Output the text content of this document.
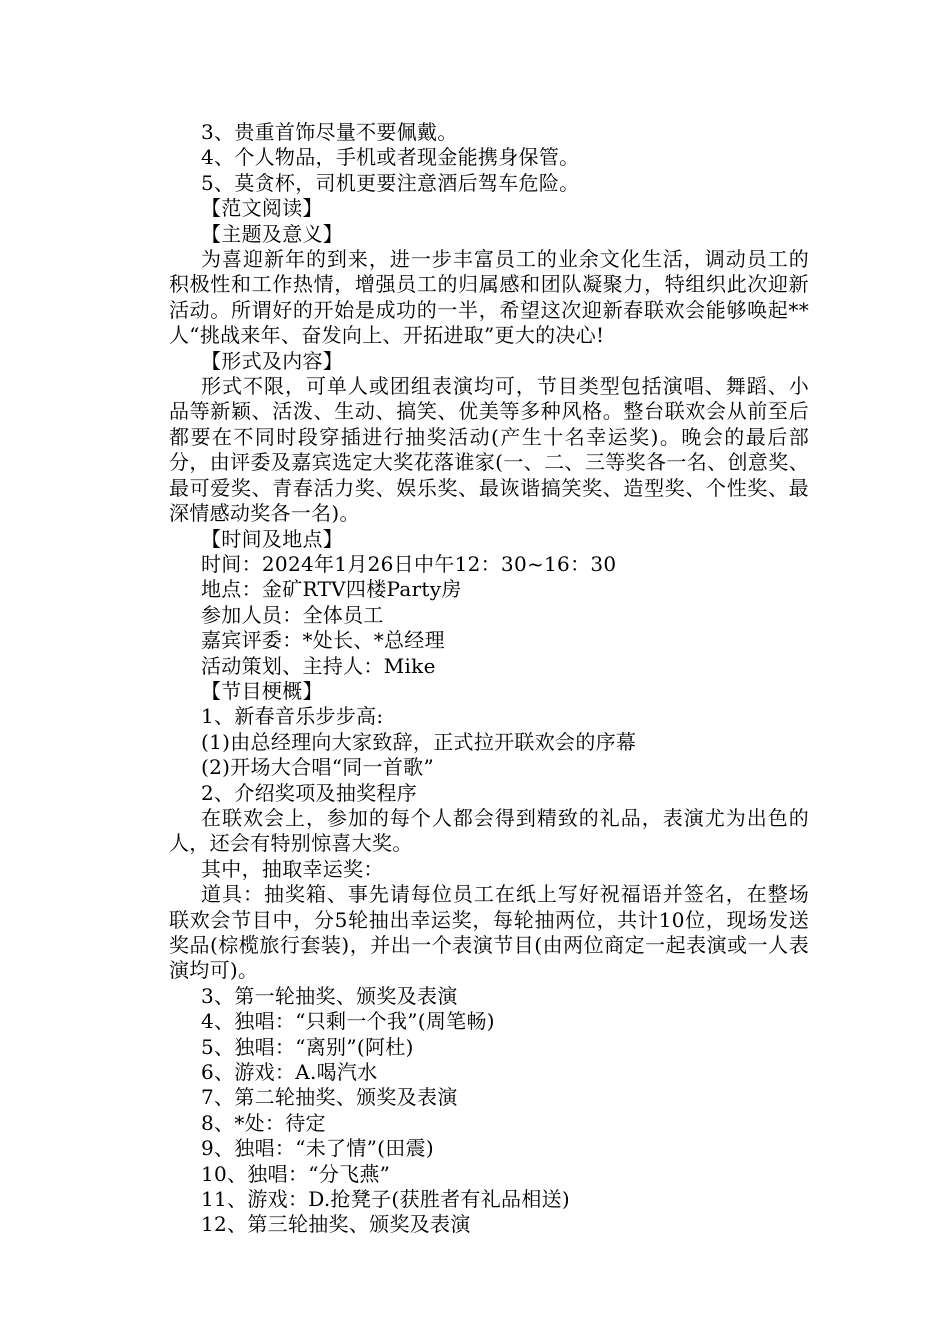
3、贵重首饰尽量不要佩戴。
4、个人物品，手机或者现金能携身保管。
5、莫贪杯，司机更要注意酒后驾车危险。
【范文阅读】
【主题及意义】
为喜迎新年的到来，进一步丰富员工的业余文化生活，调动员工的积极性和工作热情，增强员工的归属感和团队凝聚力，特组织此次迎新活动。所谓好的开始是成功的一半，希望这次迎新春联欢会能够唤起**人“挑战来年、奋发向上、开拓进取”更大的决心!
【形式及内容】
形式不限，可单人或团组表演均可，节目类型包括演唱、舞蹈、小品等新颖、活泼、生动、搞笑、优美等多种风格。整台联欢会从前至后都要在不同时段穿插进行抽奖活动(产生十名幸运奖)。晚会的最后部分，由评委及嘉宾选定大奖花落谁家(一、二、三等奖各一名、创意奖、最可爱奖、青春活力奖、娱乐奖、最诙谐搞笑奖、造型奖、个性奖、最深情感动奖各一名)。
【时间及地点】
时间：2024年1月26日中午12：30~16：30
地点：金矿RTV四楼Party房
参加人员：全体员工
嘉宾评委：*处长、*总经理
活动策划、主持人：Mike
【节目梗概】
1、新春音乐步步高:
(1)由总经理向大家致辞，正式拉开联欢会的序幕
(2)开场大合唱“同一首歌”
2、介绍奖项及抽奖程序
在联欢会上，参加的每个人都会得到精致的礼品，表演尤为出色的人，还会有特别惊喜大奖。
其中，抽取幸运奖：
道具：抽奖箱、事先请每位员工在纸上写好祝福语并签名，在整场联欢会节目中，分5轮抽出幸运奖，每轮抽两位，共计10位，现场发送奖品(棕榄旅行套装)，并出一个表演节目(由两位商定一起表演或一人表演均可)。
3、第一轮抽奖、颁奖及表演
4、独唱：“只剩一个我”(周笔畅)
5、独唱：“离别”(阿杜)
6、游戏：A.喝汽水
7、第二轮抽奖、颁奖及表演
8、*处：待定
9、独唱：“未了情”(田震)
10、独唱：“分飞燕”
11、游戏：D.抢凳子(获胜者有礼品相送)
12、第三轮抽奖、颁奖及表演
